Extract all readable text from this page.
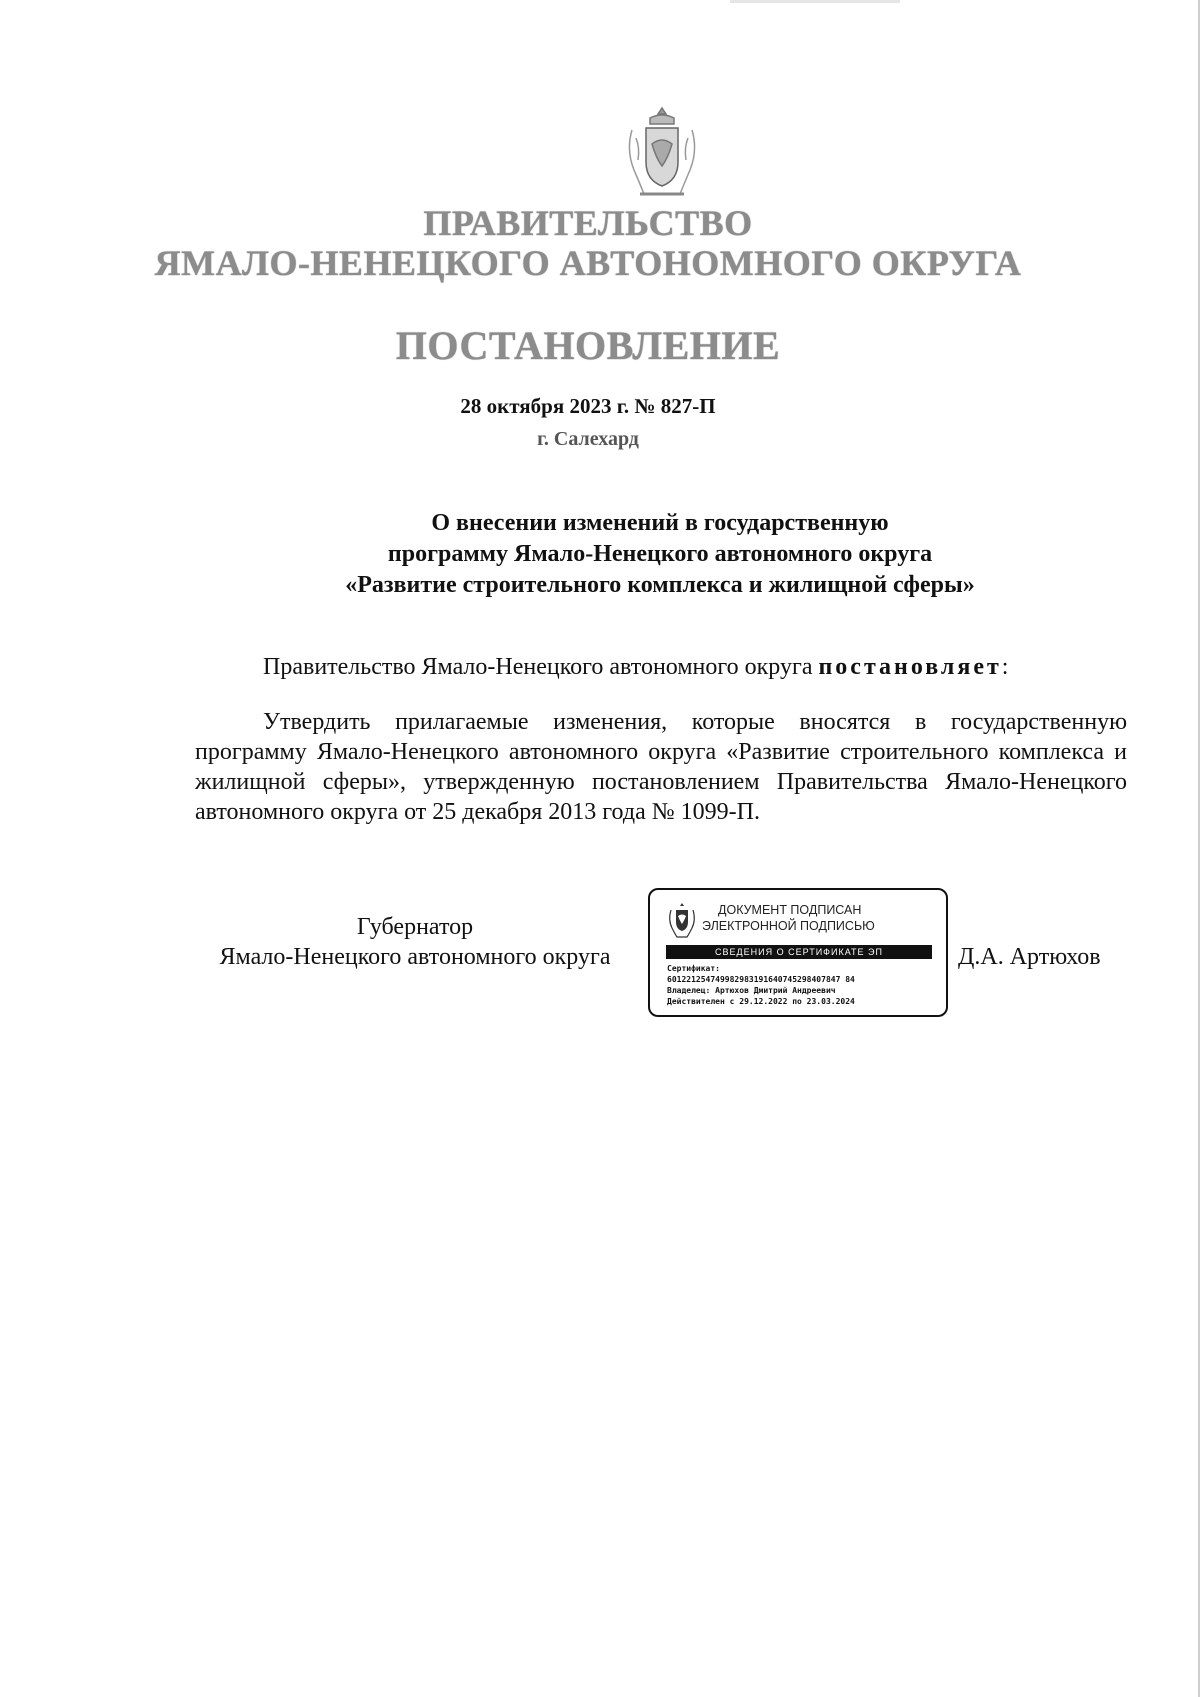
ПРАВИТЕЛЬСТВО
ЯМАЛО-НЕНЕЦКОГО АВТОНОМНОГО ОКРУГА
ПОСТАНОВЛЕНИЕ
28 октября 2023 г. № 827-П
г. Салехард
О внесении изменений в государственную
программу Ямало-Ненецкого автономного округа
«Развитие строительного комплекса и жилищной сферы»
Правительство Ямало-Ненецкого автономного округа постановляет:
Утвердить прилагаемые изменения, которые вносятся в государственную программу Ямало-Ненецкого автономного округа «Развитие строительного комплекса и жилищной сферы», утвержденную постановлением Правительства Ямало-Ненецкого автономного округа от 25 декабря 2013 года № 1099-П.
Губернатор
Ямало-Ненецкого автономного округа
ДОКУМЕНТ ПОДПИСАН
ЭЛЕКТРОННОЙ ПОДПИСЬЮ
СВЕДЕНИЯ О СЕРТИФИКАТЕ ЭП
Сертификат:
601221254749982983191640745298407847 84
Владелец: Артюхов Дмитрий Андреевич
Действителен с 29.12.2022 по 23.03.2024
Д.А. Артюхов
